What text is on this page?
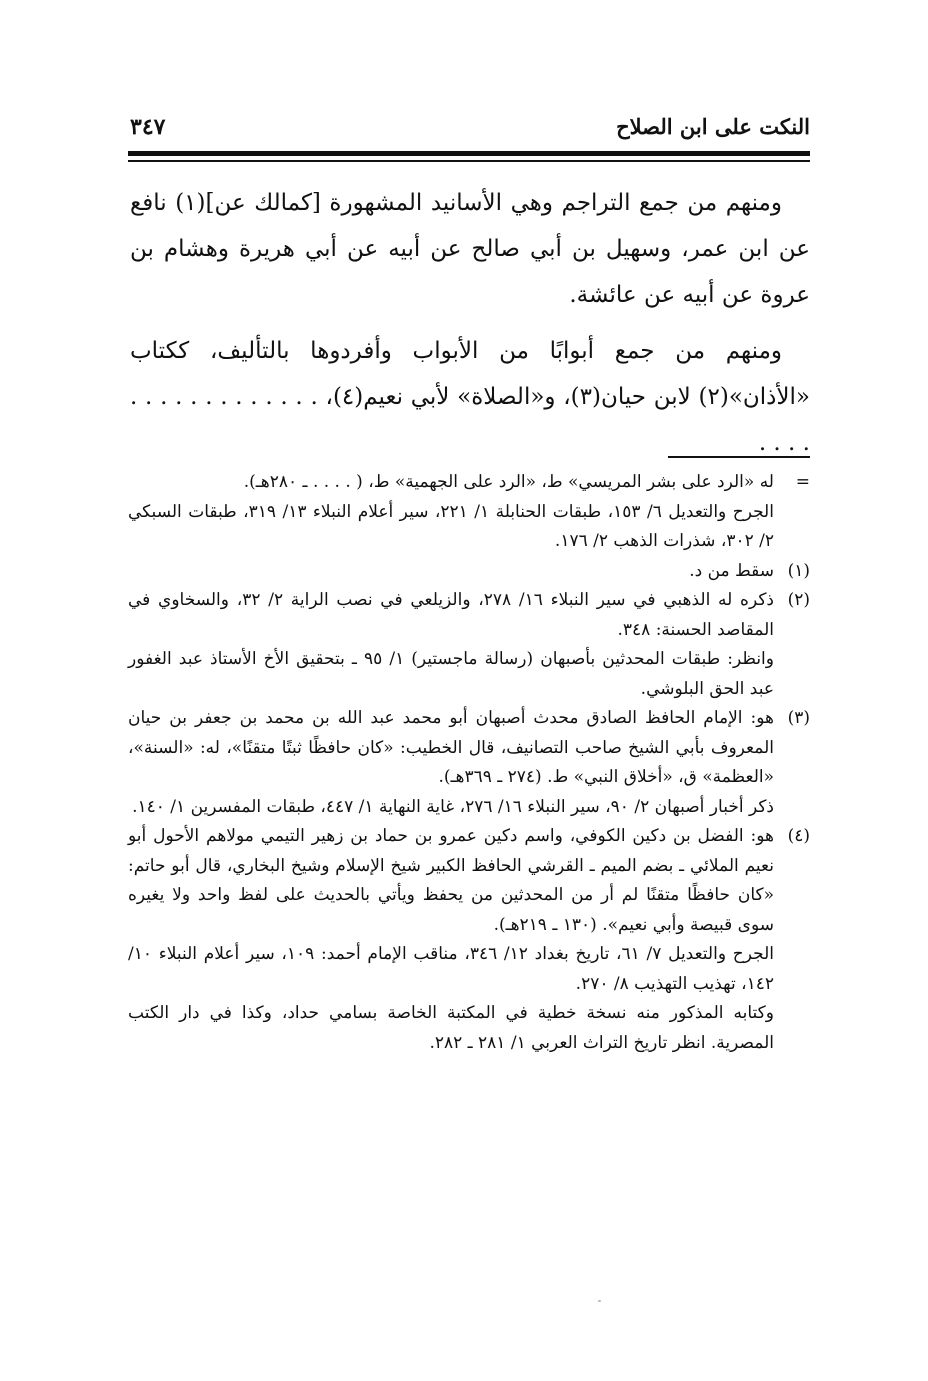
النكت على ابن الصلاح
٣٤٧

ومنهم من جمع التراجم وهي الأسانيد المشهورة [كمالك عن](١) نافع عن ابن عمر، وسهيل بن أبي صالح عن أبيه عن أبي هريرة وهشام بن عروة عن أبيه عن عائشة.

ومنهم من جمع أبوابًا من الأبواب وأفردوها بالتأليف، ككتاب «الأذان»(٢) لابن حيان(٣)، و«الصلاة» لأبي نعيم(٤)، . . . . . . . . . . . . . . . . .

=
له «الرد على بشر المريسي» ط، «الرد على الجهمية» ط، ( . . . . ـ ٢٨٠هـ).
الجرح والتعديل ٦/ ١٥٣، طبقات الحنابلة ١/ ٢٢١، سير أعلام النبلاء ١٣/ ٣١٩، طبقات السبكي ٢/ ٣٠٢، شذرات الذهب ٢/ ١٧٦.
(١)
سقط من د.
(٢)
ذكره له الذهبي في سير النبلاء ١٦/ ٢٧٨، والزيلعي في نصب الراية ٢/ ٣٢، والسخاوي في المقاصد الحسنة: ٣٤٨.
وانظر: طبقات المحدثين بأصبهان (رسالة ماجستير) ١/ ٩٥ ـ بتحقيق الأخ الأستاذ عبد الغفور عبد الحق البلوشي.
(٣)
هو: الإمام الحافظ الصادق محدث أصبهان أبو محمد عبد الله بن محمد بن جعفر بن حيان المعروف بأبي الشيخ صاحب التصانيف، قال الخطيب: «كان حافظًا ثبتًا متقنًا»، له: «السنة»، «العظمة» ق، «أخلاق النبي» ط. (٢٧٤ ـ ٣٦٩هـ).
ذكر أخبار أصبهان ٢/ ٩٠، سير النبلاء ١٦/ ٢٧٦، غاية النهاية ١/ ٤٤٧، طبقات المفسرين ١/ ١٤٠.
(٤)
هو: الفضل بن دكين الكوفي، واسم دكين عمرو بن حماد بن زهير التيمي مولاهم الأحول أبو نعيم الملائي ـ بضم الميم ـ القرشي الحافظ الكبير شيخ الإسلام وشيخ البخاري، قال أبو حاتم: «كان حافظًا متقنًا لم أر من المحدثين من يحفظ ويأتي بالحديث على لفظ واحد ولا يغيره سوى قبيصة وأبي نعيم». (١٣٠ ـ ٢١٩هـ).
الجرح والتعديل ٧/ ٦١، تاريخ بغداد ١٢/ ٣٤٦، مناقب الإمام أحمد: ١٠٩، سير أعلام النبلاء ١٠/ ١٤٢، تهذيب التهذيب ٨/ ٢٧٠.
وكتابه المذكور منه نسخة خطية في المكتبة الخاصة بسامي حداد، وكذا في دار الكتب المصرية. انظر تاريخ التراث العربي ١/ ٢٨١ ـ ٢٨٢.
